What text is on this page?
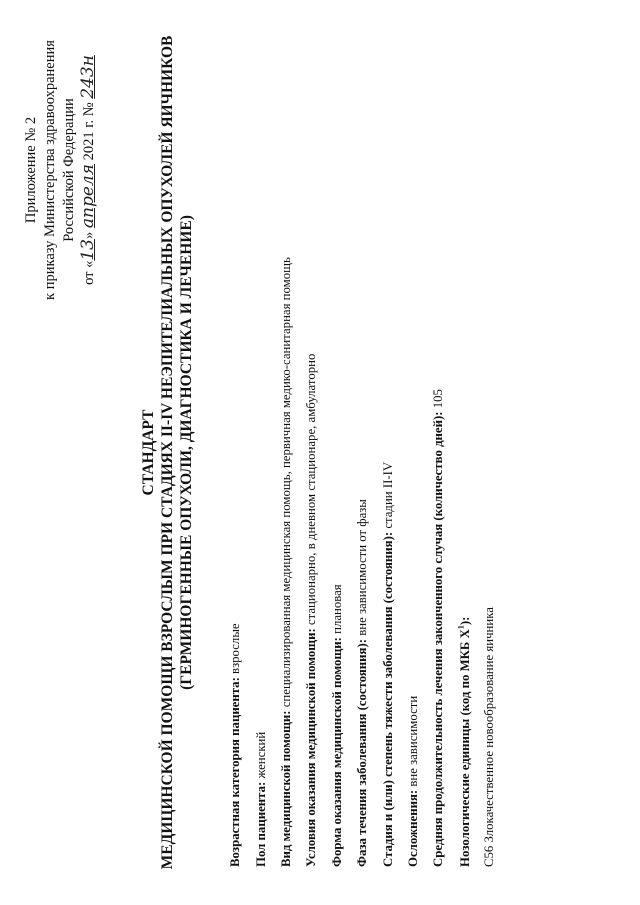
Приложение № 2 к приказу Министерства здравоохранения Российской Федерации
от «13» апреля 2021 г. № 243н
СТАНДАРТ МЕДИЦИНСКОЙ ПОМОЩИ ВЗРОСЛЫМ ПРИ СТАДИЯХ II-IV НЕЭПИТЕЛИАЛЬНЫХ ОПУХОЛЕЙ ЯИЧНИКОВ (ГЕРМИНОГЕННЫЕ ОПУХОЛИ, ДИАГНОСТИКА И ЛЕЧЕНИЕ)
Возрастная категория пациента: взрослые
Пол пациента: женский Вид медицинской помощи: специализированная медицинская помощь, первичная медико-санитарная помощь
Условия оказания медицинской помощи: стационарно, в дневном стационаре, амбулаторно
Форма оказания медицинской помощи: плановая
Фаза течения заболевания (состояния): вне зависимости от фазы Стадия и (или) степень тяжести заболевания (состояния): стадии II-IV
Осложнения: вне зависимости Средняя продолжительность лечения законченного случая (количество дней): 105
Нозологические единицы (код по МКБ $X^1$): C56 Злокачественное новообразование яичника
